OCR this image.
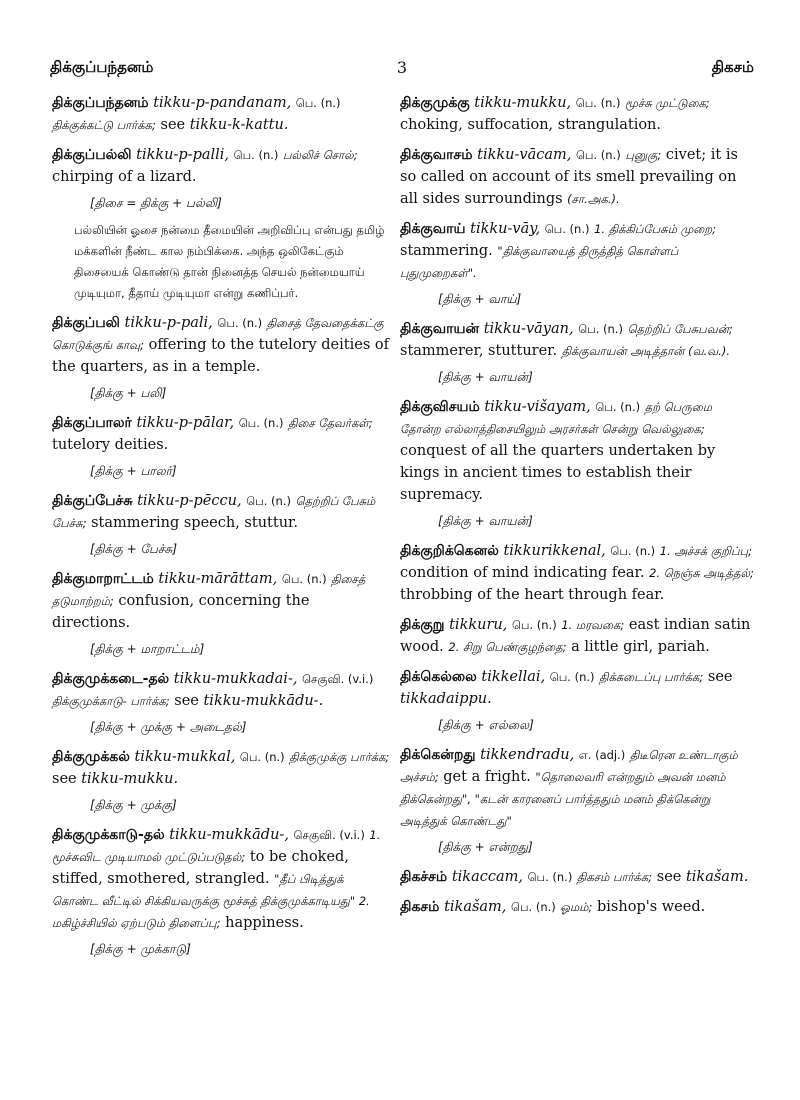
திக்குப்பந்தனம்	3	திகசம்
திக்குப்பந்தனம் tikku-p-pandanam, பெ. (n.) திக்குக்கட்டு பார்க்க; see tikku-k-kattu.
திக்குப்பல்லி tikku-p-palli, பெ. (n.) பல்லிச் சொல்; chirping of a lizard.
[திசை = திக்கு + பல்லி]
பல்லியின் ஓசை நன்மை தீமையின் அறிவிப்பு என்பது தமிழ் மக்களின் நீண்ட கால நம்பிக்கை. அந்த ஒலிகேட்கும் திசையைக் கொண்டு தான் நினைத்த செயல் நன்மையாய் முடியுமா, தீதாய் முடியுமா என்று கணிப்பர்.
திக்குப்பலி tikku-p-pali, பெ. (n.) திசைத் தேவதைக்கட்கு கொடுக்குங் காவு; offering to the tutelory deities of the quarters, as in a temple.
[திக்கு + பலி]
திக்குப்பாலர் tikku-p-pālar, பெ. (n.) திசை தேவர்கள்; tutelory deities.
[திக்கு + பாலர்]
திக்குப்பேச்சு tikku-p-pēccu, பெ. (n.) தெற்றிப் பேசும் பேச்சு; stammering speech, stuttur.
[திக்கு + பேச்சு]
திக்குமாறாட்டம் tikku-mārāttam, பெ. (n.) திசைத் தடுமாற்றம்; confusion, concerning the directions.
[திக்கு + மாறாட்டம்]
திக்குமுக்கடை-தல் tikku-mukkadai-, செகுவி. (v.i.) திக்குமுக்காடு- பார்க்க; see tikku-mukkādu-.
[திக்கு + முக்கு + அடைதல்]
திக்குமுக்கல் tikku-mukkal, பெ. (n.) திக்குமுக்கு பார்க்க; see tikku-mukku.
[திக்கு + முக்கு]
திக்குமுக்காடு-தல் tikku-mukkādu-, செகுவி. (v.i.) 1. மூச்சுவிட முடியாமல் முட்டுப்படுதல்; to be choked, stiffed, smothered, strangled. "தீப் பிடித்துக் கொண்ட வீட்டில் சிக்கியவருக்கு மூச்சுத் திக்குமுக்காடியது" 2. மகிழ்ச்சியில் ஏற்படும் திளைப்பு; happiness.
[திக்கு + முக்காடு]
திக்குமுக்கு tikku-mukku, பெ. (n.) மூச்சு முட்டுகை; choking, suffocation, strangulation.
திக்குவாசம் tikku-vācam, பெ. (n.) புனுகு; civet; it is so called on account of its smell prevailing on all sides surroundings (சா.அக.).
திக்குவாய் tikku-vāy, பெ. (n.) 1. திக்கிப்பேசும் முறை; stammering. "திக்குவாயைத் திருத்தித் கொள்ளப் புதுமுறைகள்".
[திக்கு + வாய்]
திக்குவாயன் tikku-vāyan, பெ. (n.) தெற்றிப் பேசுபவன்; stammerer, stutturer. திக்குவாயன் அடித்தான் (வ.வ.).
[திக்கு + வாயன்]
திக்குவிசயம் tikku-višayam, பெ. (n.) தற் பெருமை தோன்ற எல்லாத்திசையிலும் அரசர்கள் சென்று வெல்லுகை; conquest of all the quarters undertaken by kings in ancient times to establish their supremacy.
[திக்கு + வாயன்]
திக்குறிக்கெனல் tikkurikkenal, பெ. (n.) 1. அச்சக் குறிப்பு; condition of mind indicating fear. 2. நெஞ்சு அடித்தல்; throbbing of the heart through fear.
திக்குறு tikkuru, பெ. (n.) 1. மரவகை; east indian satin wood. 2. சிறு பெண்குழந்தை; a little girl, pariah.
திக்கெல்லை tikkellai, பெ. (n.) திக்கடைப்பு பார்க்க; see tikkadaippu.
[திக்கு + எல்லை]
திக்கென்றது tikkendradu, எ. (adj.) திடீரென உண்டாகும் அச்சம்; get a fright. "தொலைவரி என்றதும் அவன் மனம் திக்கென்றது", "கடன் காரனைப் பார்த்ததும் மனம் திக்கென்று அடித்துக் கொண்டது"
[திக்கு + என்றது]
திகச்சம் tikaccam, பெ. (n.) திகசம் பார்க்க; see tikašam.
திகசம் tikašam, பெ. (n.) ஓமம்; bishop's weed.
